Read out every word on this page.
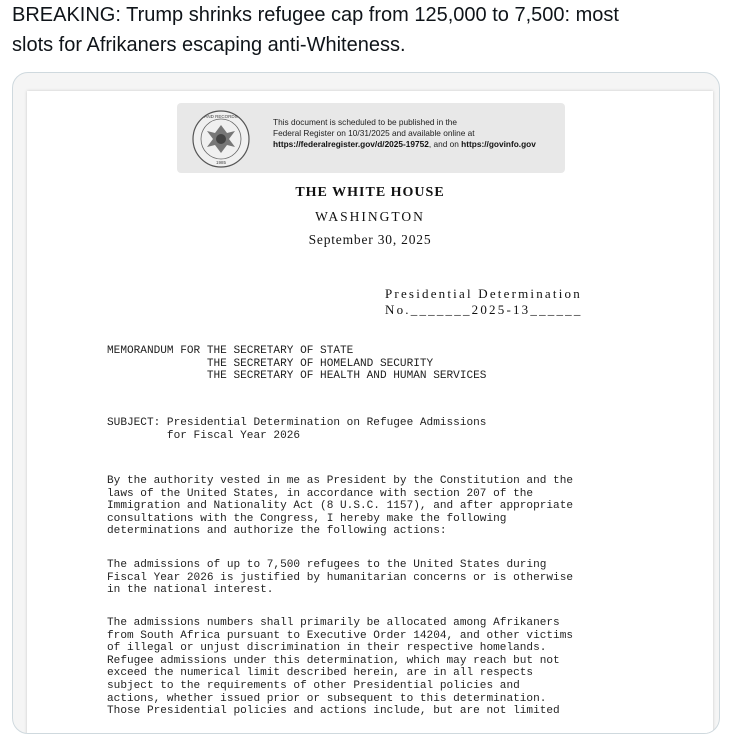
BREAKING: Trump shrinks refugee cap from 125,000 to 7,500: most
slots for Afrikaners escaping anti-Whiteness.
AND RECORDS
1985
This document is scheduled to be published in the
Federal Register on 10/31/2025 and available online at
https://federalregister.gov/d/2025-19752, and on https://govinfo.gov
THE WHITE HOUSE
WASHINGTON
September 30, 2025
Presidential Determination
No._______2025-13______
MEMORANDUM FOR THE SECRETARY OF STATE
THE SECRETARY OF HOMELAND SECURITY
THE SECRETARY OF HEALTH AND HUMAN SERVICES
SUBJECT: Presidential Determination on Refugee Admissions
for Fiscal Year 2026
By the authority vested in me as President by the Constitution and the
laws of the United States, in accordance with section 207 of the
Immigration and Nationality Act (8 U.S.C. 1157), and after appropriate
consultations with the Congress, I hereby make the following
determinations and authorize the following actions:
The admissions of up to 7,500 refugees to the United States during
Fiscal Year 2026 is justified by humanitarian concerns or is otherwise
in the national interest.
The admissions numbers shall primarily be allocated among Afrikaners
from South Africa pursuant to Executive Order 14204, and other victims
of illegal or unjust discrimination in their respective homelands.
Refugee admissions under this determination, which may reach but not
exceed the numerical limit described herein, are in all respects
subject to the requirements of other Presidential policies and
actions, whether issued prior or subsequent to this determination.
Those Presidential policies and actions include, but are not limited
